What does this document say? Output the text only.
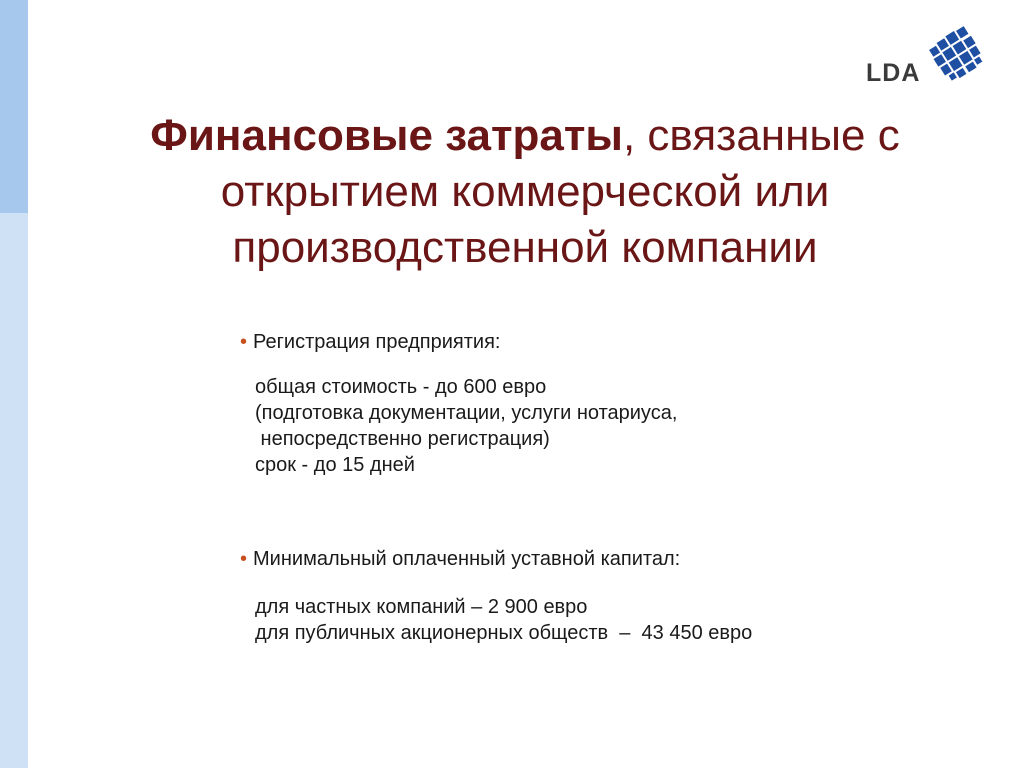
LDA
Финансовые затраты, связанные с
открытием коммерческой или
производственной компании
• Регистрация предприятия:
общая стоимость - до 600 евро
(подготовка документации, услуги нотариуса,
непосредственно регистрация)
срок - до 15 дней
• Минимальный оплаченный уставной капитал:
для частных компаний – 2 900 евро
для публичных акционерных обществ  –  43 450 евро
